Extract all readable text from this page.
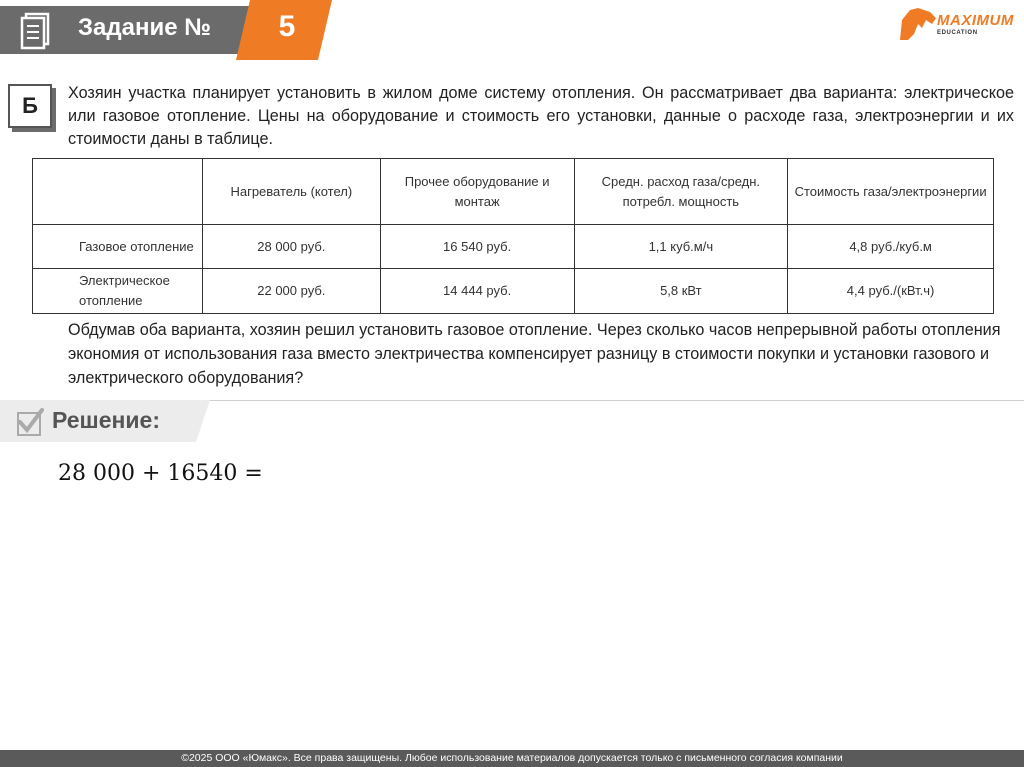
Задание № 5	MAXIMUM
EDUCATION
Б	Хозяин участка планирует установить в жилом доме систему отопления. Он рассматривает два варианта: электрическое или газовое отопление. Цены на оборудование и стоимость его установки, данные о расходе газа, электроэнергии и их стоимости даны в таблице.
	Нагреватель (котел)	Прочее оборудование и монтаж	Средн. расход газа/средн. потребл. мощность	Стоимость газа/электроэнергии
Газовое отопление	28 000 руб.	16 540 руб.	1,1 куб.м/ч	4,8 руб./куб.м
Электрическое отопление	22 000 руб.	14 444 руб.	5,8 кВт	4,4 руб./(кВт.ч)
Обдумав оба варианта, хозяин решил установить газовое отопление. Через сколько часов непрерывной работы отопления экономия от использования газа вместо электричества компенсирует разницу в стоимости покупки и установки газового и электрического оборудования?
Решение:
28 000 + 16540 =
©2025 ООО «Юмакс». Все права защищены. Любое использование материалов допускается только с письменного согласия компании
